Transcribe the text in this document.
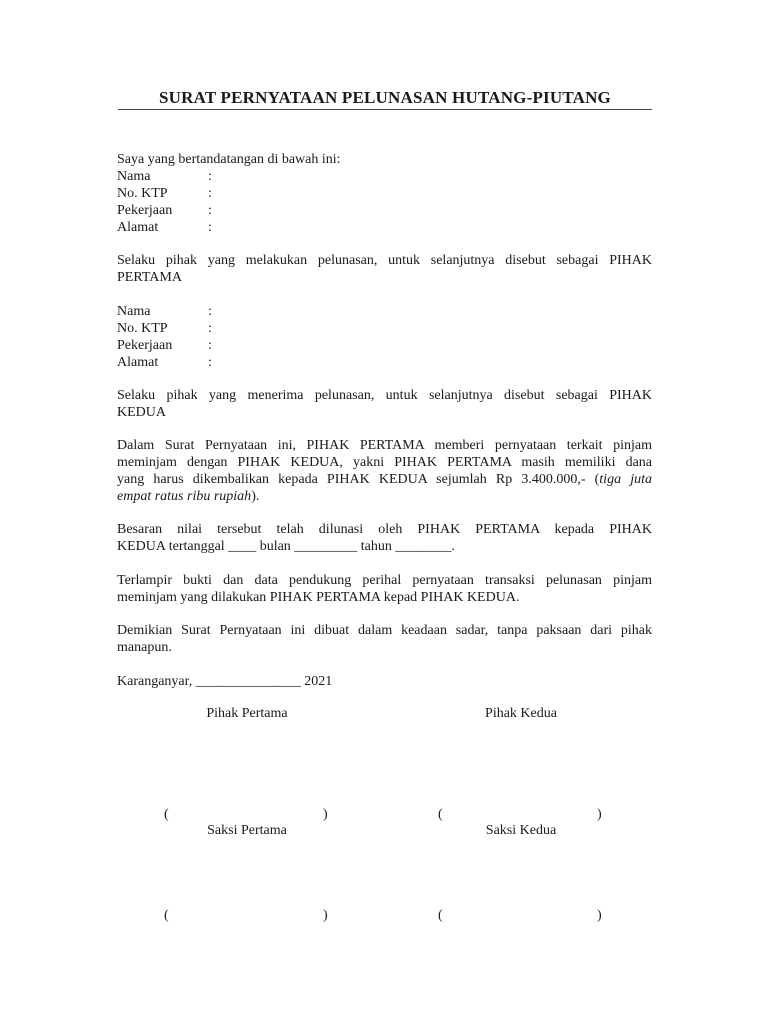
SURAT PERNYATAAN PELUNASAN HUTANG-PIUTANG
Saya yang bertandatangan di bawah ini:
Nama	:
No. KTP	:
Pekerjaan	:
Alamat	:
Selaku pihak yang melakukan pelunasan, untuk selanjutnya disebut sebagai PIHAK
PERTAMA
Nama	:
No. KTP	:
Pekerjaan	:
Alamat	:
Selaku pihak yang menerima pelunasan, untuk selanjutnya disebut sebagai PIHAK
KEDUA
Dalam Surat Pernyataan ini, PIHAK PERTAMA memberi pernyataan terkait pinjam
meminjam dengan PIHAK KEDUA, yakni PIHAK PERTAMA masih memiliki dana
yang harus dikembalikan kepada PIHAK KEDUA sejumlah Rp 3.400.000,- (tiga juta
empat ratus ribu rupiah).
Besaran nilai tersebut telah dilunasi oleh PIHAK PERTAMA kepada PIHAK
KEDUA tertanggal ____ bulan _________ tahun ________.
Terlampir bukti dan data pendukung perihal pernyataan transaksi pelunasan pinjam
meminjam yang dilakukan PIHAK PERTAMA kepad PIHAK KEDUA.
Demikian Surat Pernyataan ini dibuat dalam keadaan sadar, tanpa paksaan dari pihak
manapun.
Karanganyar, _______________ 2021
Pihak Pertama	Pihak Kedua
(	)	(	)
Saksi Pertama	Saksi Kedua
(	)	(	)
